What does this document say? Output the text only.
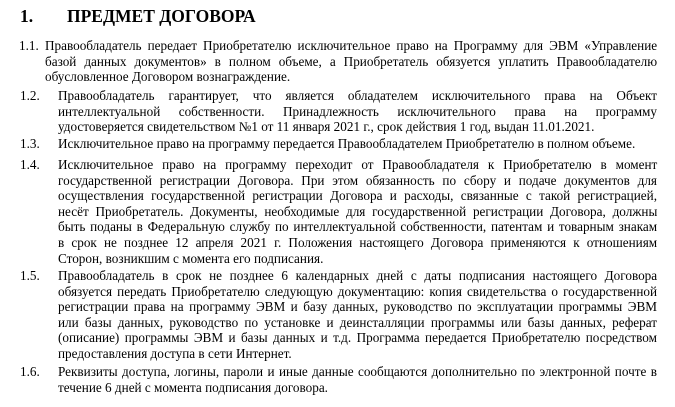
1. ПРЕДМЕТ ДОГОВОРА
1.1. Правообладатель передает Приобретателю исключительное право на Программу для ЭВМ «Управление
базой данных документов» в полном объеме, а Приобретатель обязуется уплатить Правообладателю
обусловленное Договором вознаграждение.
1.2. Правообладатель гарантирует, что является обладателем исключительного права на Объект
интеллектуальной собственности. Принадлежность исключительного права на программу
удостоверяется свидетельством №1 от 11 января 2021 г., срок действия 1 год, выдан 11.01.2021.
1.3. Исключительное право на программу передается Правообладателем Приобретателю в полном объеме.
1.4. Исключительное право на программу переходит от Правообладателя к Приобретателю в момент
государственной регистрации Договора. При этом обязанность по сбору и подаче документов для
осуществления государственной регистрации Договора и расходы, связанные с такой регистрацией,
несёт Приобретатель. Документы, необходимые для государственной регистрации Договора, должны
быть поданы в Федеральную службу по интеллектуальной собственности, патентам и товарным знакам
в срок не позднее 12 апреля 2021 г. Положения настоящего Договора применяются к отношениям
Сторон, возникшим с момента его подписания.
1.5. Правообладатель в срок не позднее 6 календарных дней с даты подписания настоящего Договора
обязуется передать Приобретателю следующую документацию: копия свидетельства о государственной
регистрации права на программу ЭВМ и базу данных, руководство по эксплуатации программы ЭВМ
или базы данных, руководство по установке и деинсталляции программы или базы данных, реферат
(описание) программы ЭВМ и базы данных и т.д. Программа передается Приобретателю посредством
предоставления доступа в сети Интернет.
1.6. Реквизиты доступа, логины, пароли и иные данные сообщаются дополнительно по электронной почте в
течение 6 дней с момента подписания договора.
